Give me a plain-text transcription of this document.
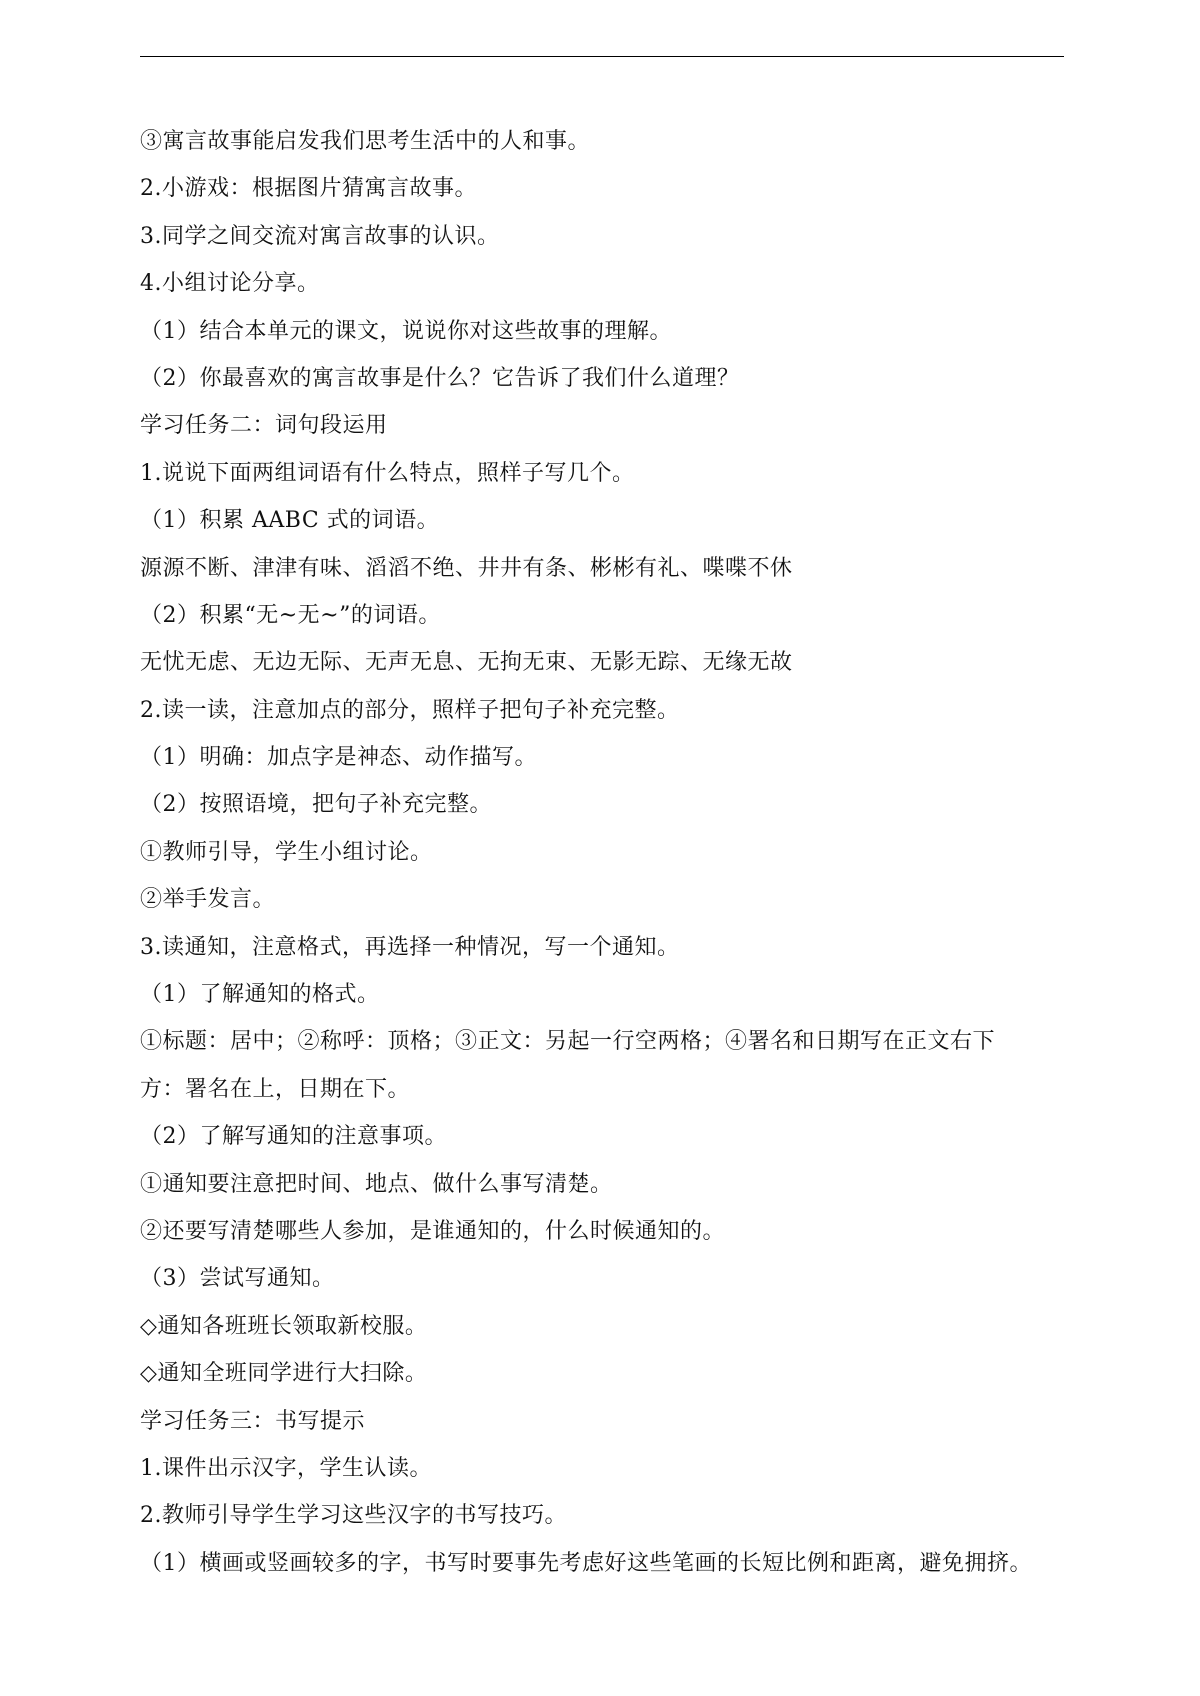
③寓言故事能启发我们思考生活中的人和事。
2.小游戏：根据图片猜寓言故事。
3.同学之间交流对寓言故事的认识。
4.小组讨论分享。
（1）结合本单元的课文，说说你对这些故事的理解。
（2）你最喜欢的寓言故事是什么？它告诉了我们什么道理？
学习任务二：词句段运用
1.说说下面两组词语有什么特点，照样子写几个。
（1）积累 AABC 式的词语。
源源不断、津津有味、滔滔不绝、井井有条、彬彬有礼、喋喋不休
（2）积累“无~无~”的词语。
无忧无虑、无边无际、无声无息、无拘无束、无影无踪、无缘无故
2.读一读，注意加点的部分，照样子把句子补充完整。
（1）明确：加点字是神态、动作描写。
（2）按照语境，把句子补充完整。
①教师引导，学生小组讨论。
②举手发言。
3.读通知，注意格式，再选择一种情况，写一个通知。
（1）了解通知的格式。
①标题：居中；②称呼：顶格；③正文：另起一行空两格；④署名和日期写在正文右下
方：署名在上，日期在下。
（2）了解写通知的注意事项。
①通知要注意把时间、地点、做什么事写清楚。
②还要写清楚哪些人参加，是谁通知的，什么时候通知的。
（3）尝试写通知。
◇通知各班班长领取新校服。
◇通知全班同学进行大扫除。
学习任务三：书写提示
1.课件出示汉字，学生认读。
2.教师引导学生学习这些汉字的书写技巧。
（1）横画或竖画较多的字，书写时要事先考虑好这些笔画的长短比例和距离，避免拥挤。
